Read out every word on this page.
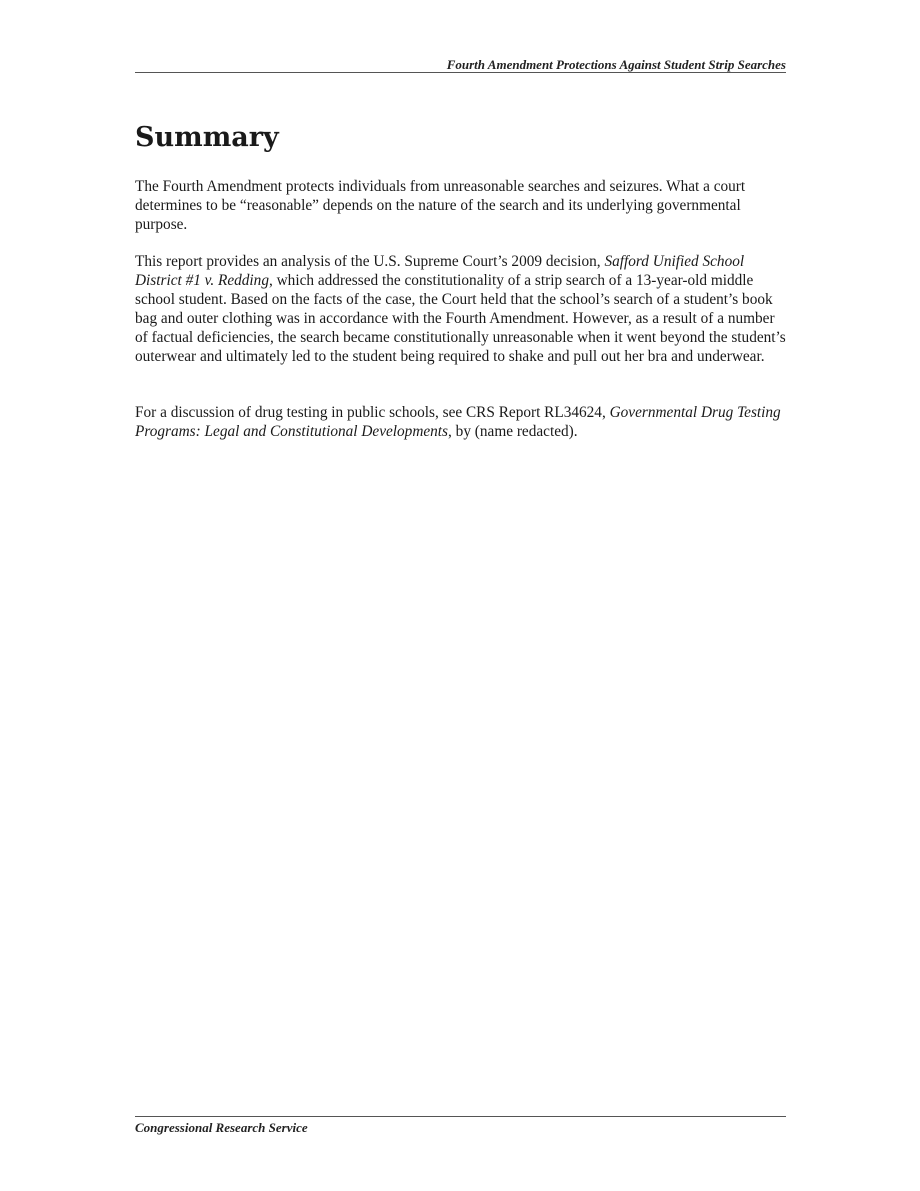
Fourth Amendment Protections Against Student Strip Searches
Summary

The Fourth Amendment protects individuals from unreasonable searches and seizures. What a court determines to be “reasonable” depends on the nature of the search and its underlying governmental purpose.

This report provides an analysis of the U.S. Supreme Court’s 2009 decision, Safford Unified School District #1 v. Redding, which addressed the constitutionality of a strip search of a 13-year-old middle school student. Based on the facts of the case, the Court held that the school’s search of a student’s book bag and outer clothing was in accordance with the Fourth Amendment. However, as a result of a number of factual deficiencies, the search became constitutionally unreasonable when it went beyond the student’s outerwear and ultimately led to the student being required to shake and pull out her bra and underwear.

For a discussion of drug testing in public schools, see CRS Report RL34624, Governmental Drug Testing Programs: Legal and Constitutional Developments, by (name redacted).

Congressional Research Service
